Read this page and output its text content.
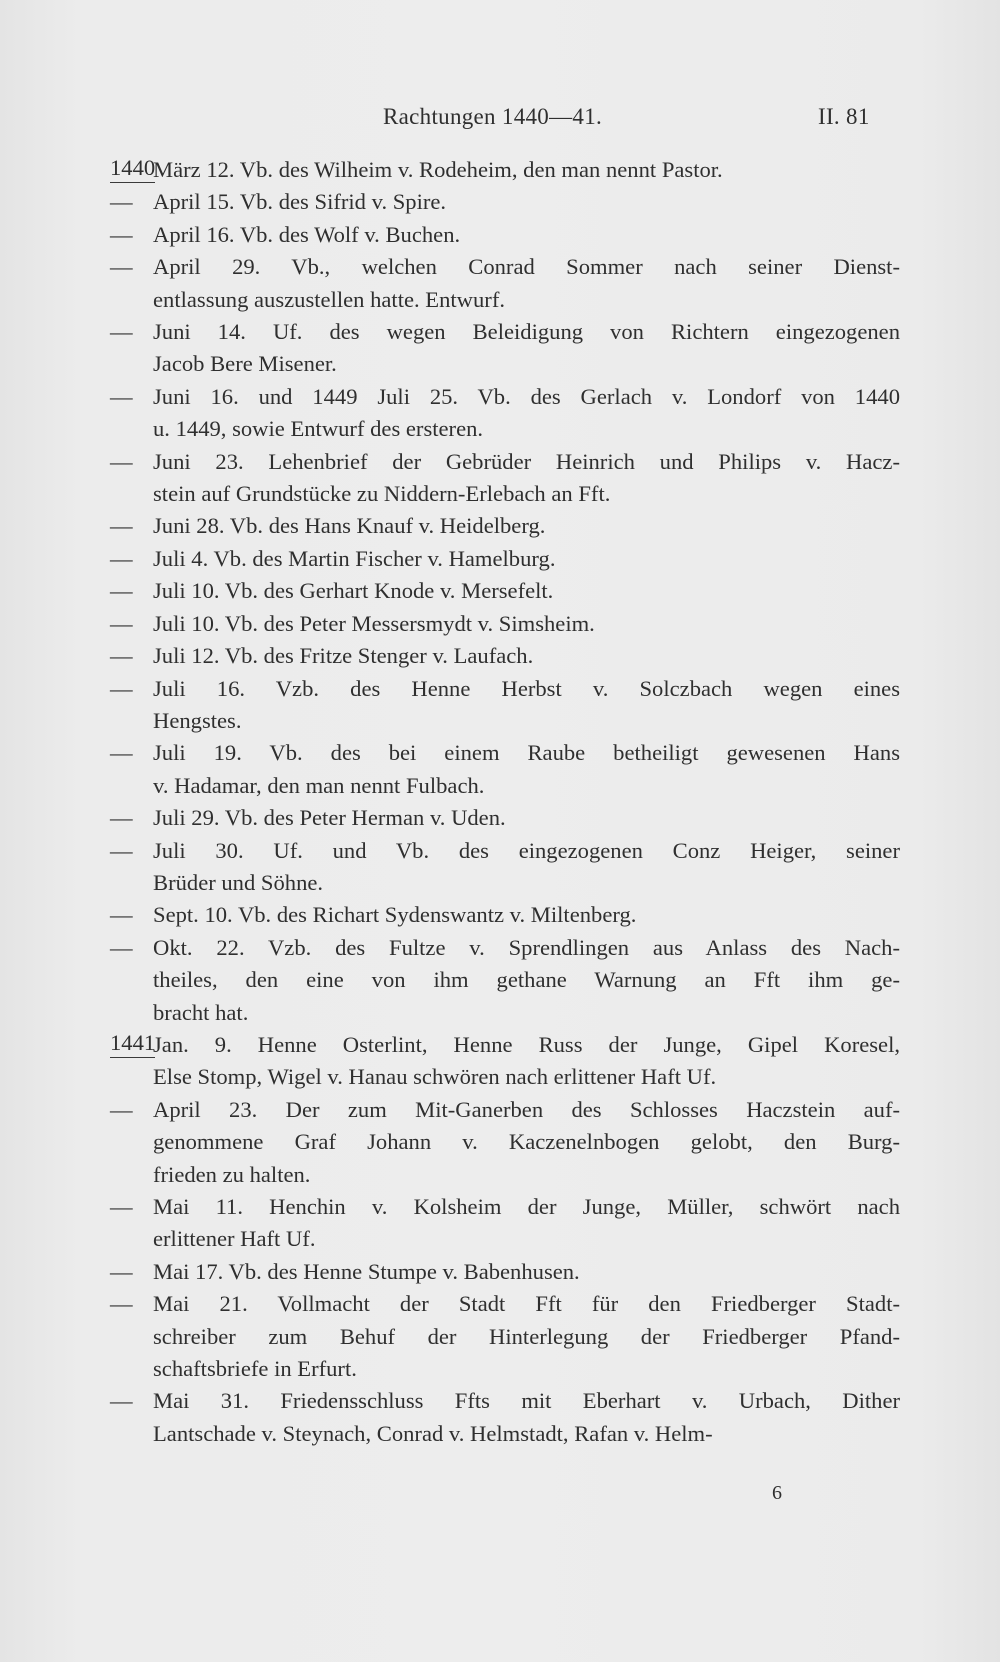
Rachtungen 1440—41.	II. 81
1440
März 12. Vb. des Wilheim v. Rodeheim, den man nennt Pastor.
— April 15. Vb. des Sifrid v. Spire.
— April 16. Vb. des Wolf v. Buchen.
— April 29. Vb., welchen Conrad Sommer nach seiner Dienst-
entlassung auszustellen hatte. Entwurf.
— Juni 14. Uf. des wegen Beleidigung von Richtern eingezogenen
Jacob Bere Misener.
— Juni 16. und 1449 Juli 25. Vb. des Gerlach v. Londorf von 1440
u. 1449, sowie Entwurf des ersteren.
— Juni 23. Lehenbrief der Gebrüder Heinrich und Philips v. Hacz-
stein auf Grundstücke zu Niddern-Erlebach an Fft.
— Juni 28. Vb. des Hans Knauf v. Heidelberg.
— Juli 4. Vb. des Martin Fischer v. Hamelburg.
— Juli 10. Vb. des Gerhart Knode v. Mersefelt.
— Juli 10. Vb. des Peter Messersmydt v. Simsheim.
— Juli 12. Vb. des Fritze Stenger v. Laufach.
— Juli 16. Vzb. des Henne Herbst v. Solczbach wegen eines
Hengstes.
— Juli 19. Vb. des bei einem Raube betheiligt gewesenen Hans
v. Hadamar, den man nennt Fulbach.
— Juli 29. Vb. des Peter Herman v. Uden.
— Juli 30. Uf. und Vb. des eingezogenen Conz Heiger, seiner
Brüder und Söhne.
— Sept. 10. Vb. des Richart Sydenswantz v. Miltenberg.
— Okt. 22. Vzb. des Fultze v. Sprendlingen aus Anlass des Nach-
theiles, den eine von ihm gethane Warnung an Fft ihm ge-
bracht hat.
1441
Jan. 9. Henne Osterlint, Henne Russ der Junge, Gipel Koresel,
Else Stomp, Wigel v. Hanau schwören nach erlittener Haft Uf.
— April 23. Der zum Mit-Ganerben des Schlosses Haczstein auf-
genommene Graf Johann v. Kaczenelnbogen gelobt, den Burg-
frieden zu halten.
— Mai 11. Henchin v. Kolsheim der Junge, Müller, schwört nach
erlittener Haft Uf.
— Mai 17. Vb. des Henne Stumpe v. Babenhusen.
— Mai 21. Vollmacht der Stadt Fft für den Friedberger Stadt-
schreiber zum Behuf der Hinterlegung der Friedberger Pfand-
schaftsbriefe in Erfurt.
— Mai 31. Friedensschluss Ffts mit Eberhart v. Urbach, Dither
Lantschade v. Steynach, Conrad v. Helmstadt, Rafan v. Helm-
6
